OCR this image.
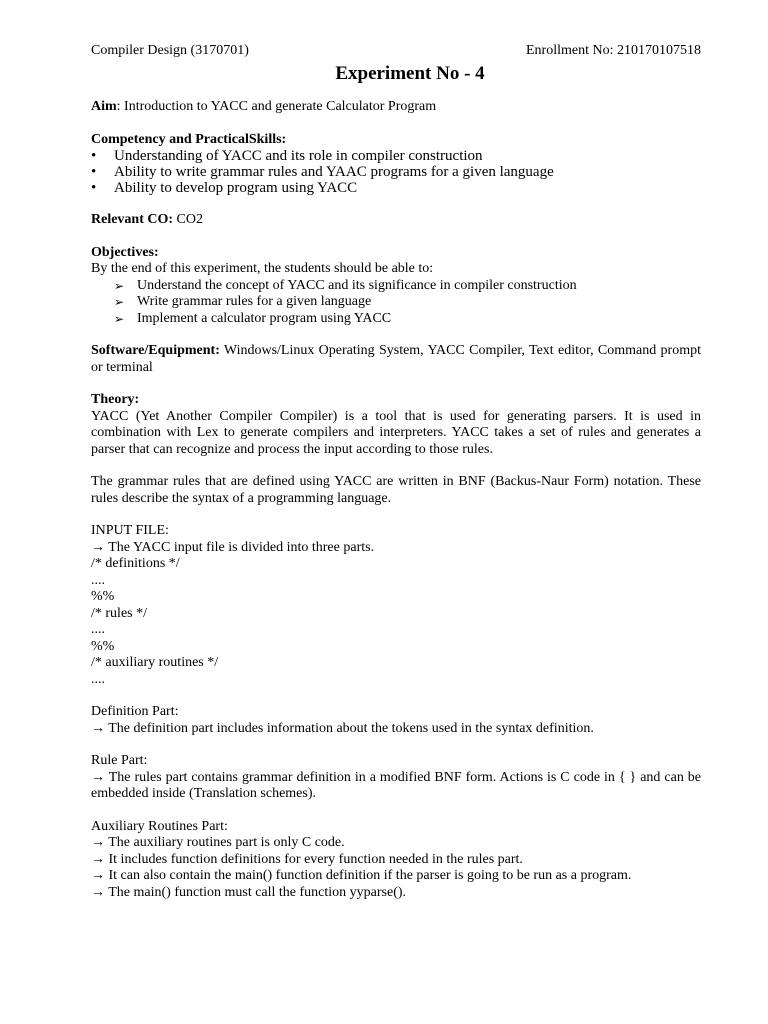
Compiler Design (3170701)	Enrollment No: 210170107518
Experiment No - 4

Aim: Introduction to YACC and generate Calculator Program

Competency and PracticalSkills:

• Understanding of YACC and its role in compiler construction
• Ability to write grammar rules and YAAC programs for a given language
• Ability to develop program using YACC

Relevant CO: CO2

Objectives:

By the end of this experiment, the students should be able to:

➢ Understand the concept of YACC and its significance in compiler construction
➢ Write grammar rules for a given language
➢ Implement a calculator program using YACC

Software/Equipment: Windows/Linux Operating System, YACC Compiler, Text editor, Command prompt or terminal

Theory:

YACC (Yet Another Compiler Compiler) is a tool that is used for generating parsers. It is used in combination with Lex to generate compilers and interpreters. YACC takes a set of rules and generates a parser that can recognize and process the input according to those rules.

The grammar rules that are defined using YACC are written in BNF (Backus-Naur Form) notation. These rules describe the syntax of a programming language.

INPUT FILE:

→ The YACC input file is divided into three parts.

/* definitions */

....

%%

/* rules */

....

%%

/* auxiliary routines */

....

Definition Part:

→ The definition part includes information about the tokens used in the syntax definition.

Rule Part:

→ The rules part contains grammar definition in a modified BNF form. Actions is C code in { } and can be embedded inside (Translation schemes).

Auxiliary Routines Part:

→ The auxiliary routines part is only C code.

→ It includes function definitions for every function needed in the rules part.

→ It can also contain the main() function definition if the parser is going to be run as a program.

→ The main() function must call the function yyparse().
